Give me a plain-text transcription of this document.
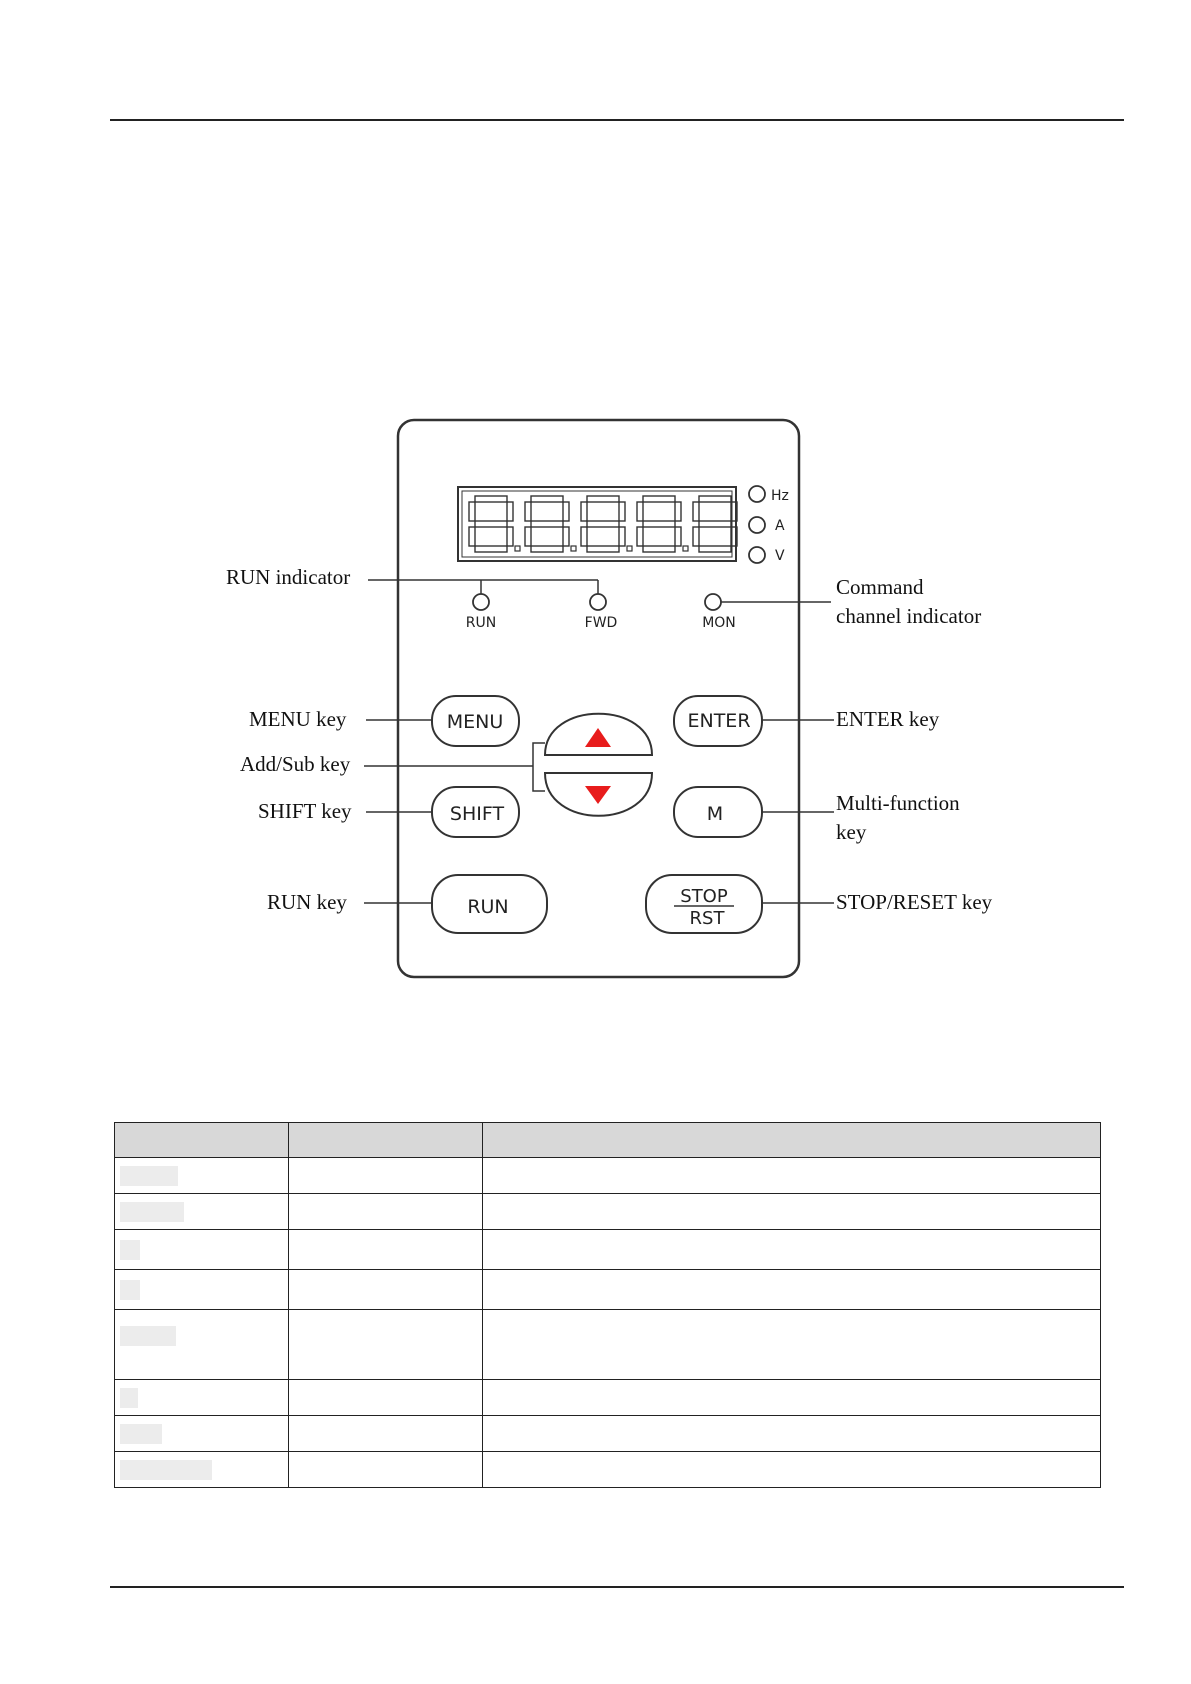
Hz
A
V
RUN	FWD	MON
MENU	ENTER
SHIFT	M
RUN	STOP
RST
RUN indicator	Command
channel indicator
MENU key
Add/Sub key
SHIFT key
RUN key
ENTER key
Multi-function
key
STOP/RESET key
